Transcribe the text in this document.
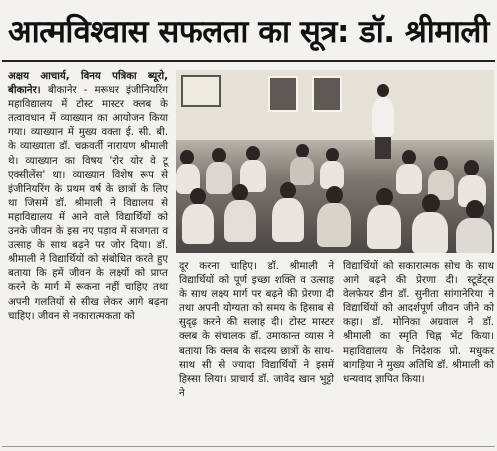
आत्मविश्वास सफलता का सूत्र: डॉ. श्रीमाली
अक्षय आचार्य, विनय पत्रिका ब्यूरो, बीकानेर। बीकानेर - मरूधर इंजीनियरिंग महाविद्यालय में टोस्ट मास्टर क्लब के तत्वावधान में व्याख्यान का आयोजन किया गया। व्याख्यान में मुख्य वक्ता ई. सी. बी. के व्याख्याता डॉ. चक्रवर्ती नारायण श्रीमाली थे। व्याख्यान का विषय 'रोर योर वे टू एक्सीलेंस' था। व्याख्यान विशेष रूप से इंजीनियरिंग के प्रथम वर्ष के छात्रों के लिए था जिसमें डॉ. श्रीमाली ने विद्यालय से महाविद्यालय में आने वाले विद्यार्थियों को उनके जीवन के इस नए पड़ाव में सजगता व उत्साह के साथ बढ़ने पर जोर दिया। डॉ. श्रीमाली ने विद्यार्थियों को संबोधित करते हुए बताया कि हमें जीवन के लक्ष्यों को प्राप्त करने के मार्ग में रूकना नहीं चाहिए तथा अपनी गलतियों से सीख लेकर आगे बढ़ना चाहिए। जीवन से नकारात्मकता को
दूर करना चाहिए। डॉ. श्रीमाली ने विद्यार्थियों को पूर्ण इच्छा शक्ति व उत्साह के साथ लक्ष्य मार्ग पर बढ़ने की प्रेरणा दी तथा अपनी योग्यता को समय के हिसाब से सुदृढ़ करने की सलाह दी। टोस्ट मास्टर क्लब के संचालक डॉ. उमाकान्त व्यास ने बताया कि क्लब के सदस्य छात्रों के साथ-साथ सी से ज्यादा विद्यार्थियों ने इसमें हिस्सा लिया। प्राचार्य डॉ. जावेद खान भुट्टो ने
विद्यार्थियों को सकारात्मक सोच के साथ आगे बढ़ने की प्रेरणा दी। स्टूडेंट्स वेलफेयर डीन डॉ. सुनीता सांगानेरिया ने विद्यार्थियों को आदर्शपूर्ण जीवन जीने को कहा। डॉ. मोनिका अग्रवाल ने डॉ. श्रीमाली का स्मृति चिह्न भेंट किया। महाविद्यालय के निदेशक प्रो. मधुकर बागड़िया ने मुख्य अतिथि डॉ. श्रीमाली को धन्यवाद ज्ञापित किया।
